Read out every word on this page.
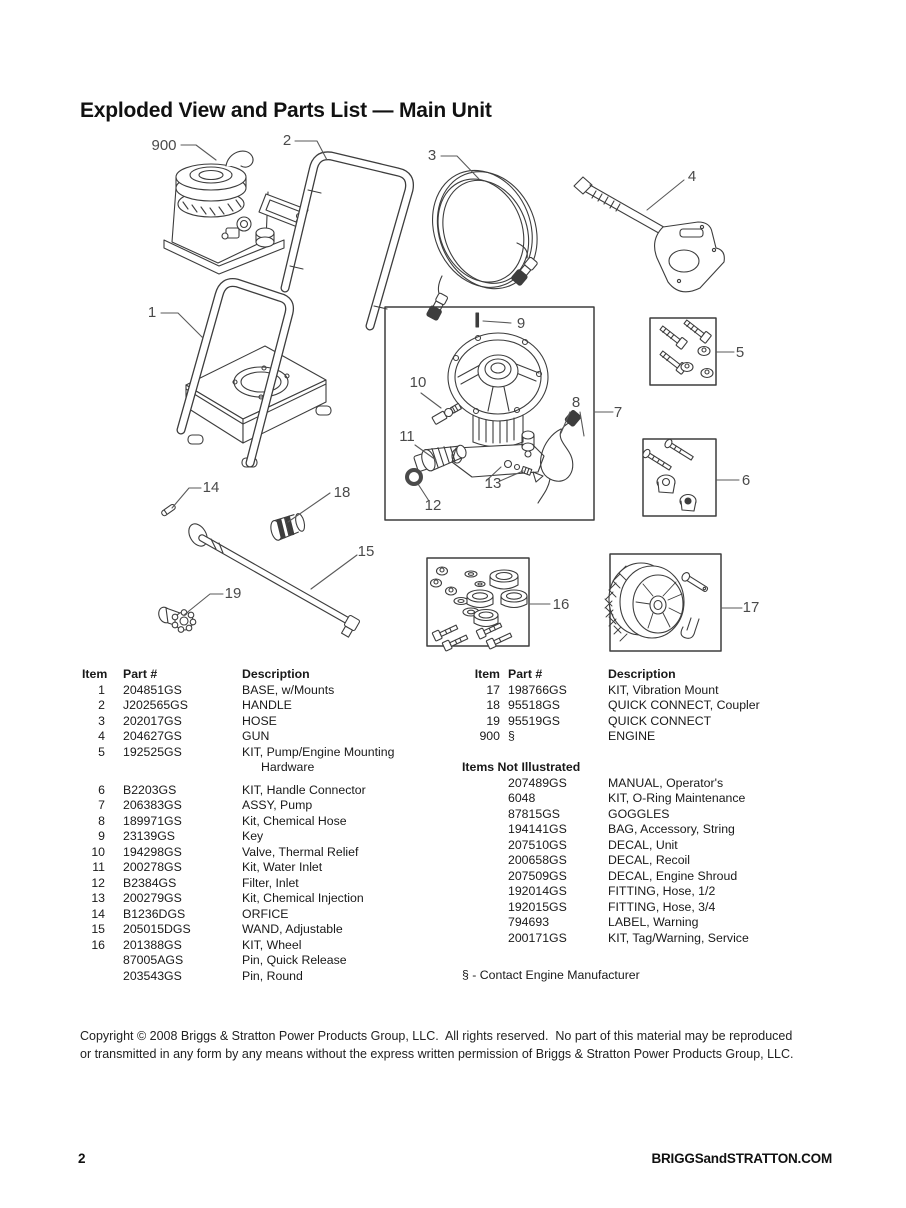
Exploded View and Parts List — Main Unit
900	2
3
4
1
7
5
6
9
10
11
12
13
8
14	18
15
19
16	17
Item Part #	Description
1 204851GS	BASE, w/Mounts
2 J202565GS	HANDLE
3 202017GS	HOSE
4 204627GS	GUN
5 192525GS	KIT, Pump/Engine Mounting
Hardware
6 B2203GS	KIT, Handle Connector
7 206383GS	ASSY, Pump
8 189971GS	Kit, Chemical Hose
9 23139GS	Key
10 194298GS	Valve, Thermal Relief
11 200278GS	Kit, Water Inlet
12 B2384GS	Filter, Inlet
13 200279GS	Kit, Chemical Injection
14 B1236DGS	ORFICE
15 205015DGS	WAND, Adjustable
16 201388GS	KIT, Wheel
87005AGS	Pin, Quick Release
203543GS	Pin, Round
Item Part #	Description
17 198766GS	KIT, Vibration Mount
18 95518GS	QUICK CONNECT, Coupler
19 95519GS	QUICK CONNECT
900 §	ENGINE
Items Not Illustrated
207489GS	MANUAL, Operator's
6048	KIT, O-Ring Maintenance
87815GS	GOGGLES
194141GS	BAG, Accessory, String
207510GS	DECAL, Unit
200658GS	DECAL, Recoil
207509GS	DECAL, Engine Shroud
192014GS	FITTING, Hose, 1/2
192015GS	FITTING, Hose, 3/4
794693	LABEL, Warning
200171GS	KIT, Tag/Warning, Service
§ - Contact Engine Manufacturer
Copyright © 2008 Briggs & Stratton Power Products Group, LLC.  All rights reserved.  No part of this material may be reproduced or transmitted in any form by any means without the express written permission of Briggs & Stratton Power Products Group, LLC.
2	BRIGGSandSTRATTON.COM
